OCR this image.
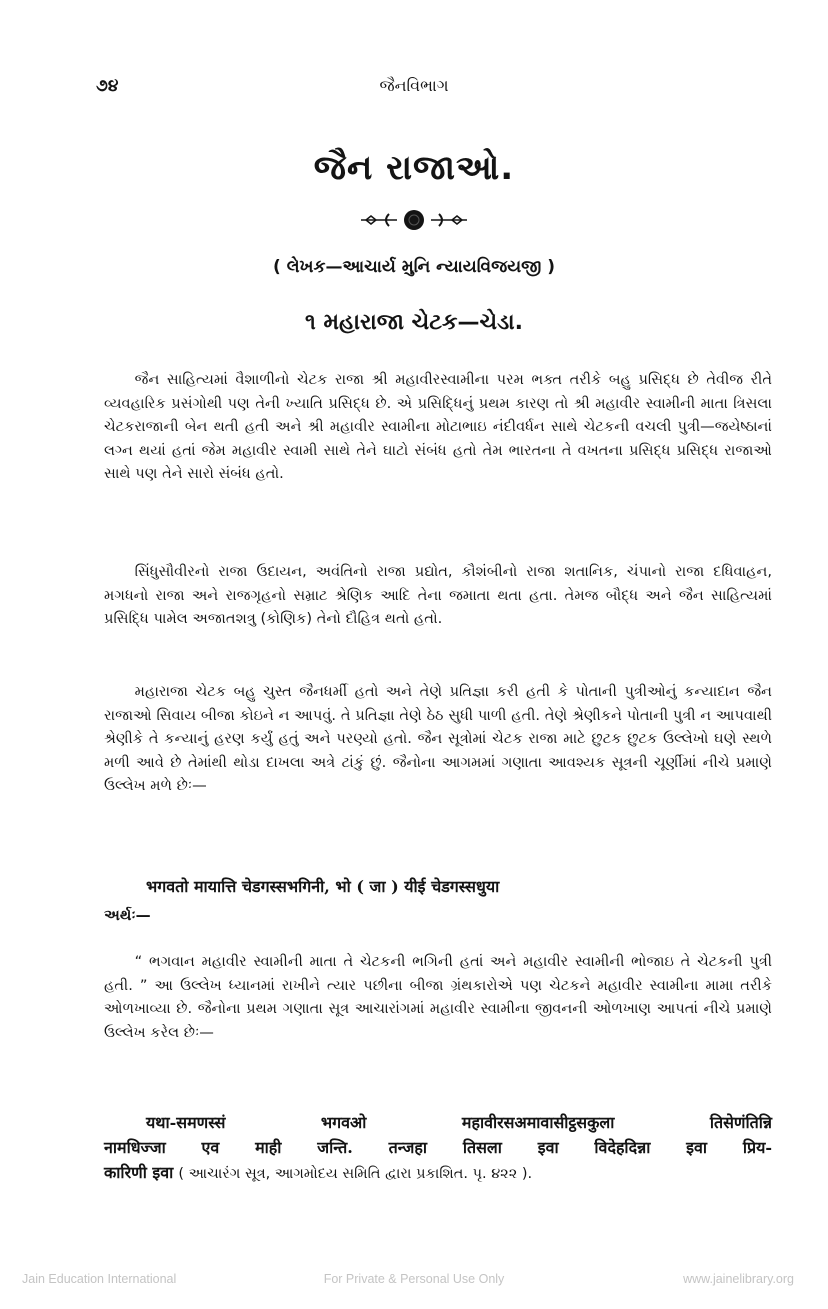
૭૪	જૈનવિભાગ
જૈન રાજાઓ.
( લેખક—આચાર્ય મુનિ ન્યાયવિજયજી )
૧ મહારાજા ચેટક—ચેડા.

જૈન સાહિત્યમાં વૈશાળીનો ચેટક રાજા શ્રી મહાવીરસ્વામીના પરમ ભક્ત તરીકે બહુ પ્રસિદ્ધ છે તેવીજ રીતે વ્યવહારિક પ્રસંગોથી પણ તેની ખ્યાતિ પ્રસિદ્ધ છે. એ પ્રસિદ્ધિનું પ્રથમ કારણ તો શ્રી મહાવીર સ્વામીની માતા ત્રિસલા ચેટકરાજાની બેન થતી હતી અને શ્રી મહાવીર સ્વામીના મોટાભાઇ નંદીવર્ધન સાથે ચેટકની વચલી પુત્રી—જયેષ્ઠાનાં લગ્ન થયાં હતાં જેમ મહાવીર સ્વામી સાથે તેને ઘાટો સંબંધ હતો તેમ ભારતના તે વખતના પ્રસિદ્ધ પ્રસિદ્ધ રાજાઓ સાથે પણ તેને સારો સંબંધ હતો.

સિંધુસૌવીરનો રાજા ઉદાયન, અવંતિનો રાજા પ્રદ્યોત, કૌશંબીનો રાજા શતાનિક, ચંપાનો રાજા દધિવાહન, મગધનો રાજા અને રાજગૃહનો સમ્રાટ શ્રેણિક આદિ તેના જમાતા થતા હતા. તેમજ બૌદ્ધ અને જૈન સાહિત્યમાં પ્રસિદ્ધિ પામેલ અજાતશત્રુ (કોણિક) તેનો દૌહિત્ર થતો હતો.

મહારાજા ચેટક બહુ ચુસ્ત જૈનધર્મી હતો અને તેણે પ્રતિજ્ઞા કરી હતી કે પોતાની પુત્રીઓનું કન્યાદાન જૈન રાજાઓ સિવાય બીજા કોઇને ન આપવું. તે પ્રતિજ્ઞા તેણે ઠેઠ સુધી પાળી હતી. તેણે શ્રેણીકને પોતાની પુત્રી ન આપવાથી શ્રેણીકે તે કન્યાનું હરણ કર્યું હતું અને પરણ્યો હતો. જૈન સૂત્રોમાં ચેટક રાજા માટે છુટક છુટક ઉલ્લેખો ઘણે સ્થળે મળી આવે છે તેમાંથી થોડા દાખલા અત્રે ટાંકું છું. જૈનોના આગમમાં ગણાતા આવશ્યક સૂત્રની ચૂર્ણીમાં નીચે પ્રમાણે ઉલ્લેખ મળે છેઃ—

भगवतो मायात्ति चेडगस्सभगिनी, भो ( जा ) यीई चेडगस्सधुया
અર્થઃ—

“ ભગવાન મહાવીર સ્વામીની માતા તે ચેટકની ભગિની હતાં અને મહાવીર સ્વામીની ભોજાઇ તે ચેટકની પુત્રી હતી. ” આ ઉલ્લેખ ધ્યાનમાં રાખીને ત્યાર પછીના બીજા ગ્રંથકારોએ પણ ચેટકને મહાવીર સ્વામીના મામા તરીકે ઓળખાવ્યા છે. જૈનોના પ્રથમ ગણાતા સૂત્ર આચારાંગમાં મહાવીર સ્વામીના જીવનની ઓળખાણ આપતાં નીચે પ્રમાણે ઉલ્લેખ કરેલ છેઃ—

यथा-समणस्सं भगवओ महावीरसअमावासीट्ठसकुला तिसेणंतिन्नि
नामधिज्जा एव माही जन्ति. तन्जहा तिसला इवा विदेहदिन्ना इवा प्रिय-
कारिणी इवा ( આચારંગ સૂત્ર, આગમોદય સમિતિ દ્વારા પ્રકાશિત. પૃ. ૪૨૨ ).
Jain Education International	For Private & Personal Use Only	www.jainelibrary.org
